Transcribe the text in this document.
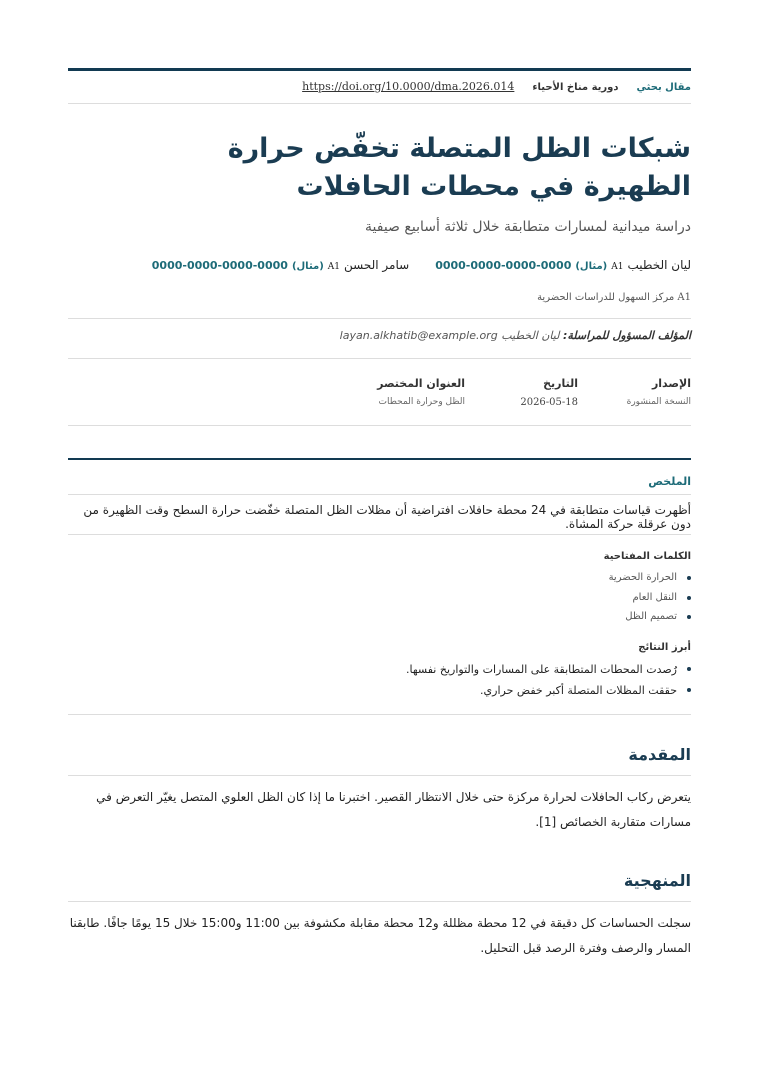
مقال بحثي
دورية مناخ الأحياء
https://doi.org/10.0000/dma.2026.014
شبكات الظل المتصلة تخفّض حرارة الظهيرة في محطات الحافلات
دراسة ميدانية لمسارات متطابقة خلال ثلاثة أسابيع صيفية
ليان الخطيب
A1
(مثال)
0000-0000-0000-0000
سامر الحسن
A1
(مثال)
0000-0000-0000-0000
A1 مركز السهول للدراسات الحضرية
المؤلف المسؤول للمراسلة: ليان الخطيب layan.alkhatib@example.org
الإصدار
النسخة المنشورة
التاريخ
2026-05-18
العنوان المختصر
الظل وحرارة المحطات
الملخص
أظهرت قياسات متطابقة في 24 محطة حافلات افتراضية أن مظلات الظل المتصلة خفّضت حرارة السطح وقت الظهيرة من دون عرقلة حركة المشاة.
الكلمات المفتاحية
الحرارة الحضرية
النقل العام
تصميم الظل
أبرز النتائج
رُصدت المحطات المتطابقة على المسارات والتواريخ نفسها.
حققت المظلات المتصلة أكبر خفض حراري.
المقدمة

يتعرض ركاب الحافلات لحرارة مركزة حتى خلال الانتظار القصير. اختبرنا ما إذا كان الظل العلوي المتصل يغيّر التعرض في مسارات متقاربة الخصائص [1].

المنهجية

سجلت الحساسات كل دقيقة في 12 محطة مظللة و12 محطة مقابلة مكشوفة بين 11:00 و15:00 خلال 15 يومًا جافًا. طابقنا المسار والرصف وفترة الرصد قبل التحليل.
